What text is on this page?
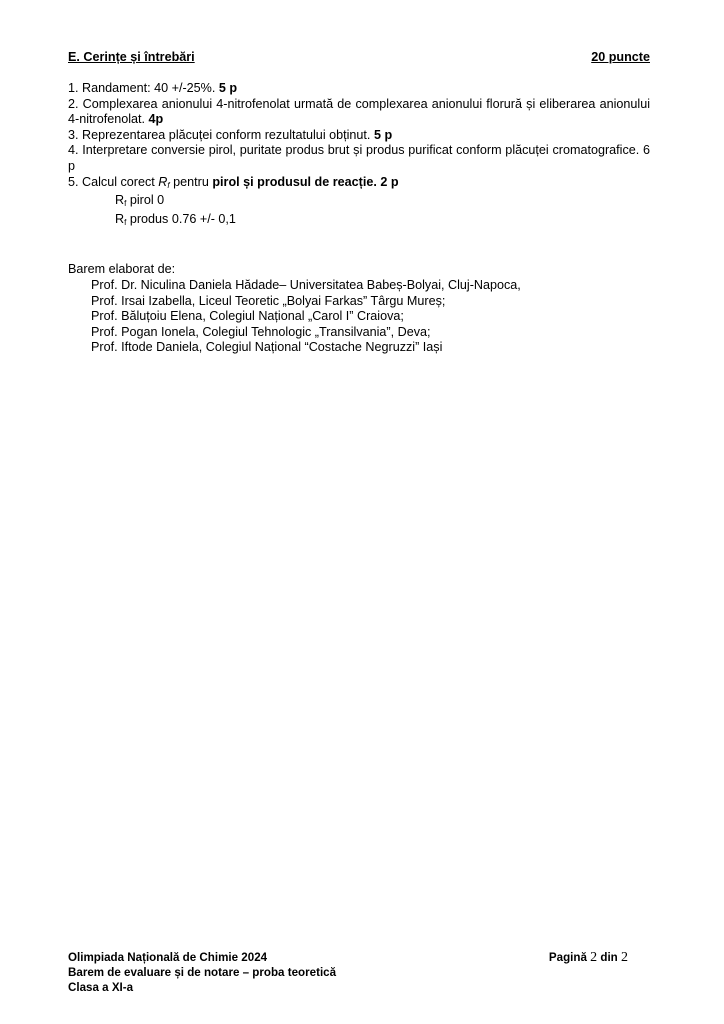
E. Cerințe și întrebări	20 puncte
1. Randament: 40 +/-25%. 5 p
2. Complexarea anionului 4-nitrofenolat urmată de complexarea anionului florură și eliberarea anionului 4-nitrofenolat. 4p
3. Reprezentarea plăcuței conform rezultatului obținut. 5 p
4. Interpretare conversie pirol, puritate produs brut și produs purificat conform plăcuței cromatografice. 6 p
5. Calcul corect Rf pentru pirol și produsul de reacție. 2 p
Rf pirol 0
Rf produs 0.76 +/- 0,1
Barem elaborat de:
Prof. Dr. Niculina Daniela Hădade– Universitatea Babeș-Bolyai, Cluj-Napoca,
Prof. Irsai Izabella, Liceul Teoretic „Bolyai Farkas” Târgu Mureș;
Prof. Băluțoiu Elena, Colegiul Național „Carol I” Craiova;
Prof. Pogan Ionela, Colegiul Tehnologic „Transilvania”, Deva;
Prof. Iftode Daniela, Colegiul Național “Costache Negruzzi” Iași
Olimpiada Națională de Chimie 2024	Pagină 2 din 2
Barem de evaluare și de notare – proba teoretică
Clasa a XI-a
